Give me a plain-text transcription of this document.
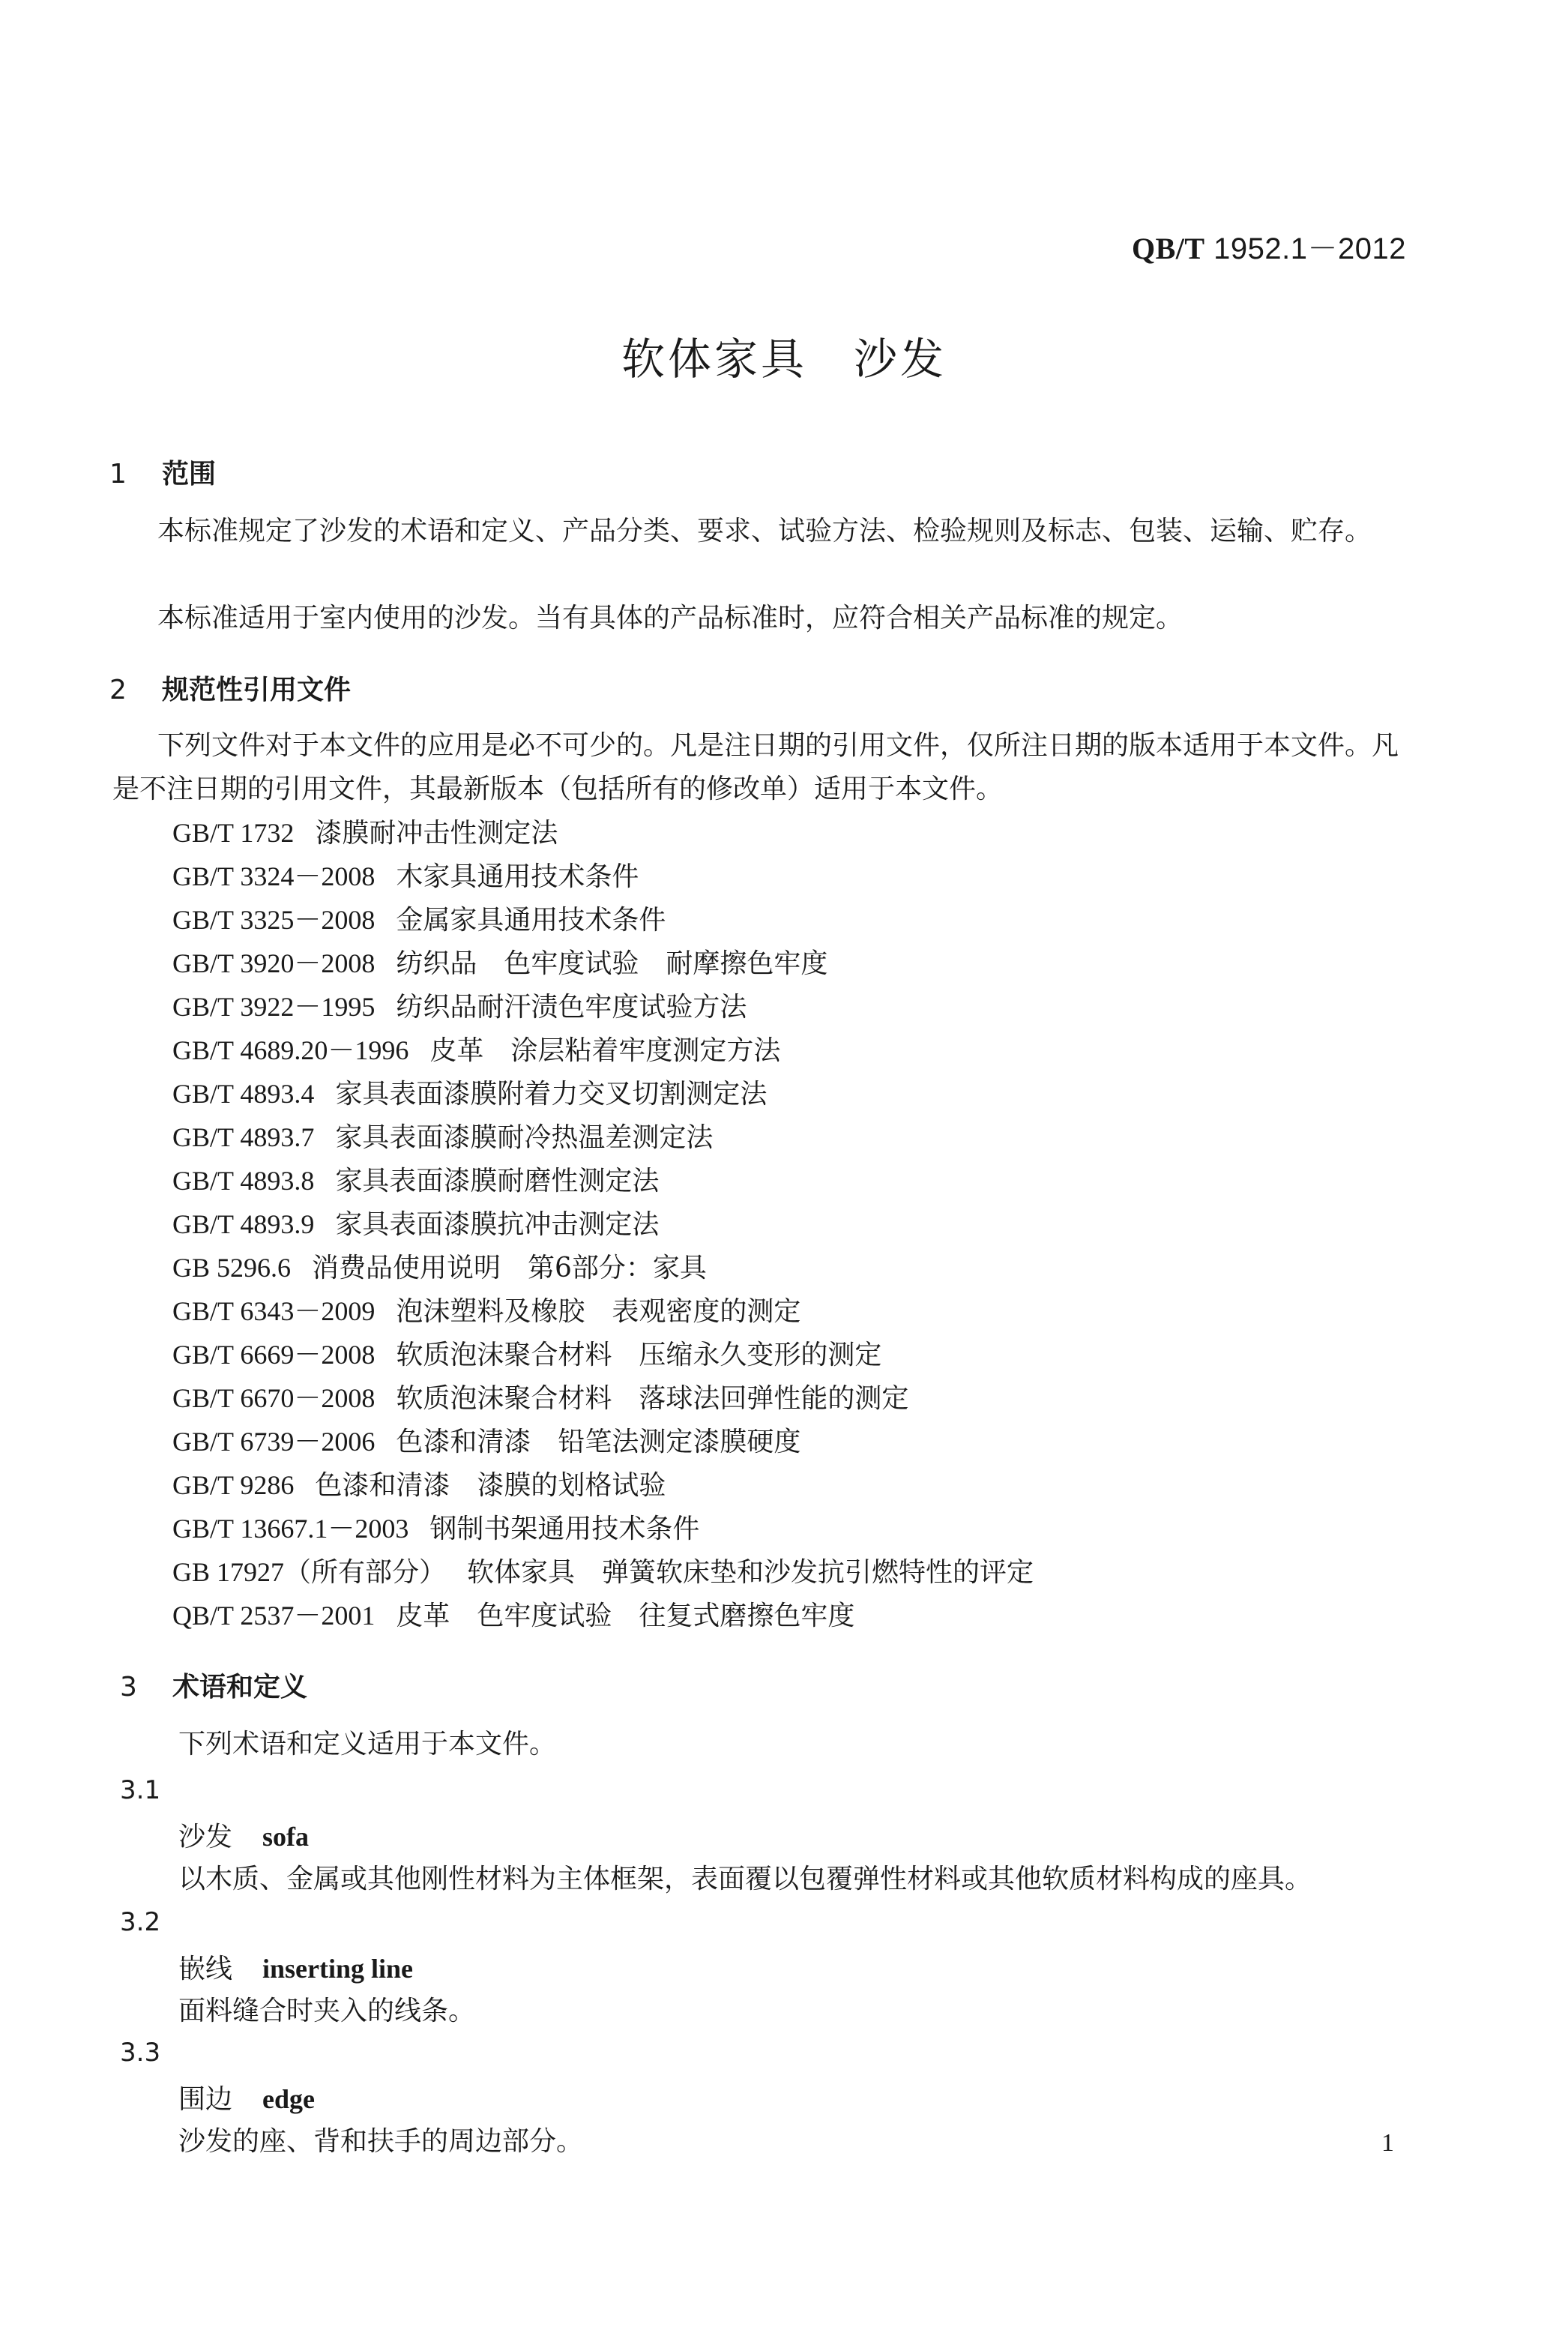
QB/T 1952.1－2012
软体家具　沙发
1 范围
本标准规定了沙发的术语和定义、产品分类、要求、试验方法、检验规则及标志、包装、运输、贮存。
本标准适用于室内使用的沙发。当有具体的产品标准时，应符合相关产品标准的规定。
2 规范性引用文件
下列文件对于本文件的应用是必不可少的。凡是注日期的引用文件，仅所注日期的版本适用于本文件。凡是不注日期的引用文件，其最新版本（包括所有的修改单）适用于本文件。
GB/T 1732 漆膜耐冲击性测定法
GB/T 3324－2008 木家具通用技术条件
GB/T 3325－2008 金属家具通用技术条件
GB/T 3920－2008 纺织品　色牢度试验　耐摩擦色牢度
GB/T 3922－1995 纺织品耐汗渍色牢度试验方法
GB/T 4689.20－1996 皮革　涂层粘着牢度测定方法
GB/T 4893.4 家具表面漆膜附着力交叉切割测定法
GB/T 4893.7 家具表面漆膜耐冷热温差测定法
GB/T 4893.8 家具表面漆膜耐磨性测定法
GB/T 4893.9 家具表面漆膜抗冲击测定法
GB 5296.6 消费品使用说明　第6部分：家具
GB/T 6343－2009 泡沫塑料及橡胶　表观密度的测定
GB/T 6669－2008 软质泡沫聚合材料　压缩永久变形的测定
GB/T 6670－2008 软质泡沫聚合材料　落球法回弹性能的测定
GB/T 6739－2006 色漆和清漆　铅笔法测定漆膜硬度
GB/T 9286 色漆和清漆　漆膜的划格试验
GB/T 13667.1－2003 钢制书架通用技术条件
GB 17927（所有部分） 软体家具　弹簧软床垫和沙发抗引燃特性的评定
QB/T 2537－2001 皮革　色牢度试验　往复式磨擦色牢度
3 术语和定义
下列术语和定义适用于本文件。
3.1
沙发 sofa
以木质、金属或其他刚性材料为主体框架，表面覆以包覆弹性材料或其他软质材料构成的座具。
3.2
嵌线 inserting line
面料缝合时夹入的线条。
3.3
围边 edge
沙发的座、背和扶手的周边部分。	1
